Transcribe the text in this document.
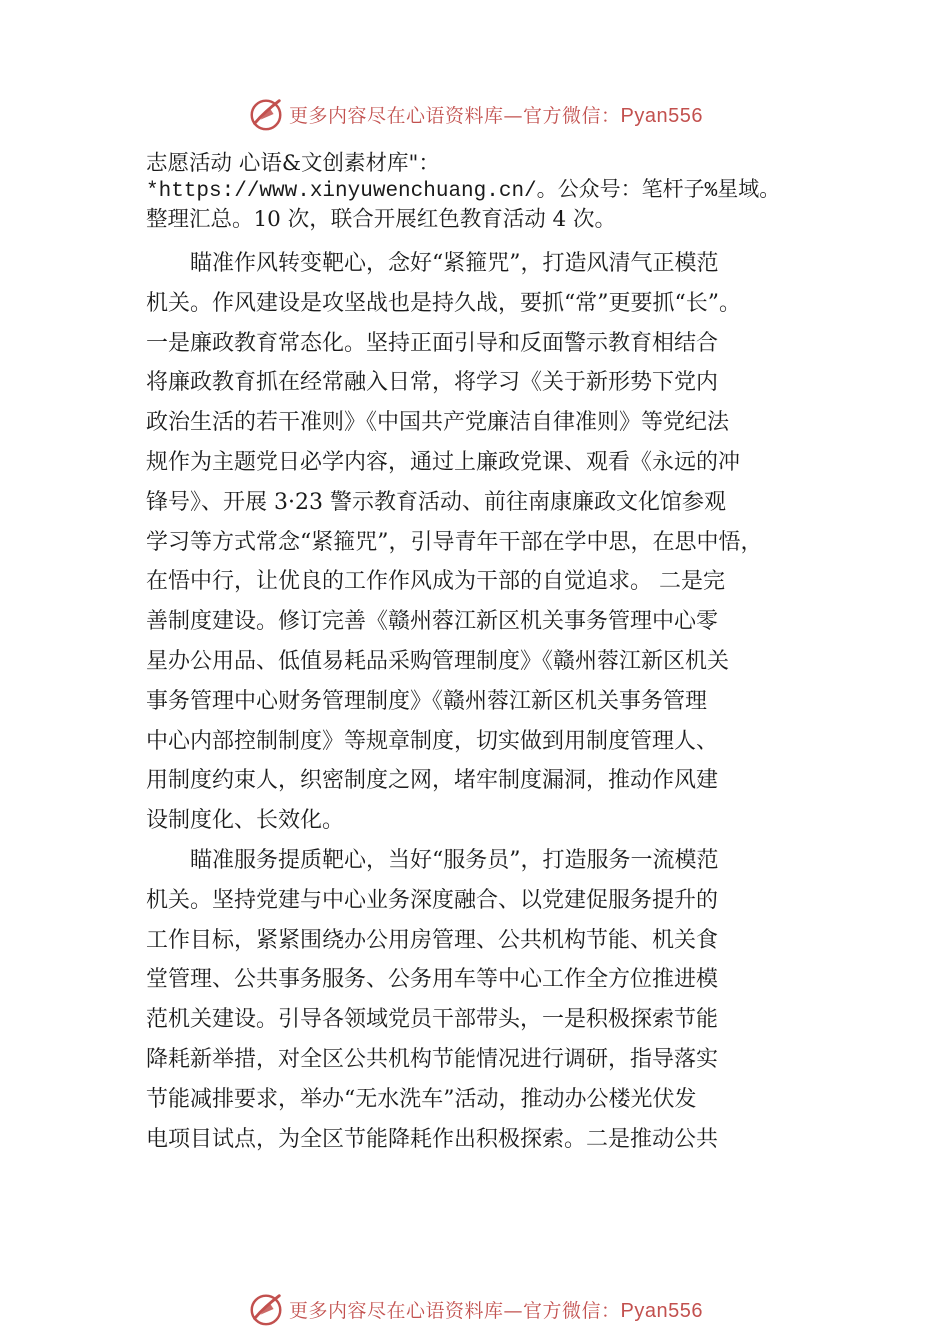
更多内容尽在心语资料库—官方微信：Pyan556

志愿活动 心语&文创素材库"：

*https://www.xinyuwenchuang.cn/。公众号：笔杆子%星域。

整理汇总。10 次，联合开展红色教育活动 4 次。

瞄准作风转变靶心，念好“紧箍咒”，打造风清气正模范
机关。作风建设是攻坚战也是持久战，要抓“常”更要抓“长”。
一是廉政教育常态化。坚持正面引导和反面警示教育相结合
将廉政教育抓在经常融入日常，将学习《关于新形势下党内
政治生活的若干准则》《中国共产党廉洁自律准则》等党纪法
规作为主题党日必学内容，通过上廉政党课、观看《永远的冲
锋号》、开展 3·23 警示教育活动、前往南康廉政文化馆参观
学习等方式常念“紧箍咒”，引导青年干部在学中思，在思中悟，
在悟中行，让优良的工作作风成为干部的自觉追求。 二是完
善制度建设。修订完善《赣州蓉江新区机关事务管理中心零
星办公用品、低值易耗品采购管理制度》《赣州蓉江新区机关
事务管理中心财务管理制度》《赣州蓉江新区机关事务管理
中心内部控制制度》等规章制度，切实做到用制度管理人、
用制度约束人，织密制度之网，堵牢制度漏洞，推动作风建
设制度化、长效化。
瞄准服务提质靶心，当好“服务员”，打造服务一流模范
机关。坚持党建与中心业务深度融合、以党建促服务提升的
工作目标，紧紧围绕办公用房管理、公共机构节能、机关食
堂管理、公共事务服务、公务用车等中心工作全方位推进模
范机关建设。引导各领域党员干部带头，一是积极探索节能
降耗新举措，对全区公共机构节能情况进行调研，指导落实
节能减排要求，举办“无水洗车”活动，推动办公楼光伏发
电项目试点，为全区节能降耗作出积极探索。二是推动公共
更多内容尽在心语资料库—官方微信：Pyan556
